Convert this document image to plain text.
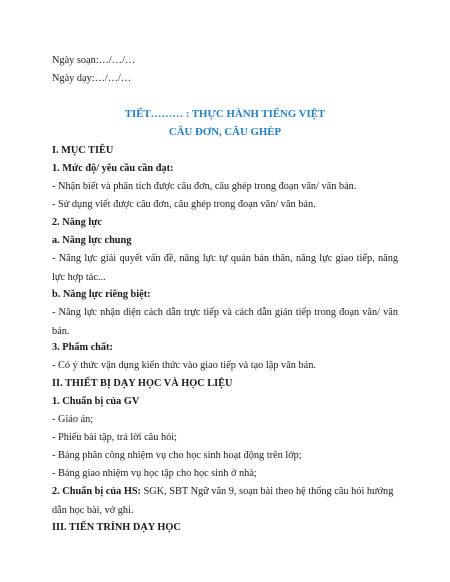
Ngày soạn:…/…/…
Ngày dạy:…/…/…
TIẾT……… : THỰC HÀNH TIẾNG VIỆT
CÂU ĐƠN, CÂU GHÉP
I. MỤC TIÊU
1. Mức độ/ yêu cầu cần đạt:
- Nhận biết và phân tích được câu đơn, câu ghép trong đoạn văn/ văn bản.
- Sử dụng viết được câu đơn, câu ghép trong đoạn văn/ văn bản.
2. Năng lực
a. Năng lực chung
- Năng lực giải quyết vấn đề, năng lực tự quản bản thân, năng lực giao tiếp, năng lực hợp tác...
b. Năng lực riêng biệt:
- Năng lực nhận diện cách dẫn trực tiếp và cách dẫn gián tiếp trong đoạn văn/ văn bản.
3. Phẩm chất:
- Có ý thức vận dụng kiến thức vào giao tiếp và tạo lập văn bản.
II. THIẾT BỊ DẠY HỌC VÀ HỌC LIỆU
1. Chuẩn bị của GV
- Giáo án;
- Phiếu bài tập, trả lời câu hỏi;
- Bảng phân công nhiệm vụ cho học sinh hoạt động trên lớp;
- Bảng giao nhiệm vụ học tập cho học sinh ở nhà;
2. Chuẩn bị của HS: SGK, SBT Ngữ văn 9, soạn bài theo hệ thống câu hỏi hướng dẫn học bài, vở ghi.
III. TIẾN TRÌNH DẠY HỌC
